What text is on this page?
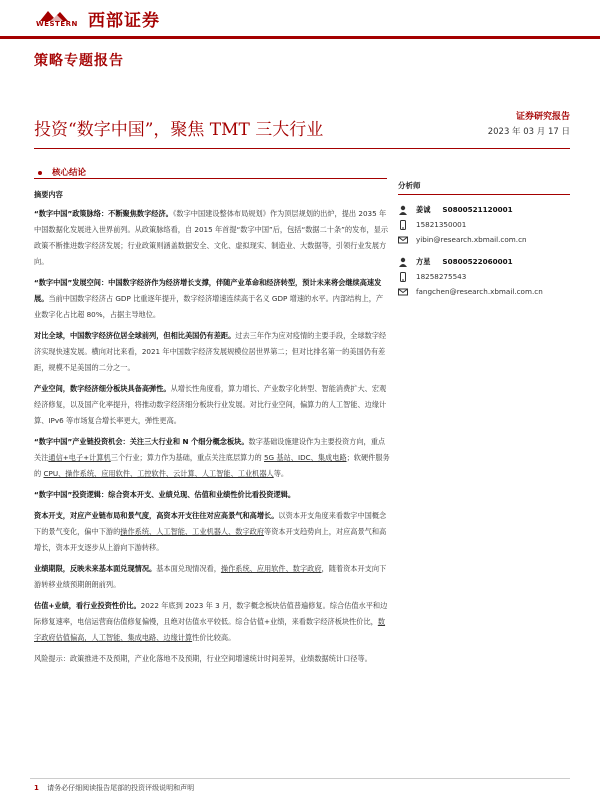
WESTERN 西部证券
策略专题报告
投资“数字中国”，聚焦 TMT 三大行业
证券研究报告
2023 年 03 月 17 日
核心结论

摘要内容

“数字中国”政策脉络：不断聚焦数字经济。《数字中国建设整体布局规划》作为顶层规划的出炉，提出 2035 年中国数据化发展进入世界前列。从政策脉络看，自 2015 年首提“数字中国”后，包括“数据二十条”的发布，显示政策不断推进数字经济发展；行业政策则涵盖数据安全、文化、虚拟现实、制造业、大数据等，引领行业发展方向。

“数字中国”发展空间：中国数字经济作为经济增长支撑，伴随产业革命和经济转型，预计未来将会继续高速发展。当前中国数字经济占 GDP 比重逐年提升，数字经济增速连续高于名义 GDP 增速的水平。内部结构上，产业数字化占比超 80%，占据主导地位。

对比全球，中国数字经济位居全球前列，但相比美国仍有差距。过去三年作为应对疫情的主要手段，全球数字经济实现快速发展。横向对比来看，2021 年中国数字经济发展规模位居世界第二；但对比排名第一的美国仍有差距，规模不足美国的二分之一。

产业空间，数字经济细分板块具备高弹性。从增长性角度看，算力增长、产业数字化转型、智能消费扩大、宏观经济修复，以及国产化率提升，将推动数字经济细分板块行业发展。对比行业空间，偏算力的人工智能、边缘计算、IPv6 等市场复合增长率更大，弹性更高。

“数字中国”产业链投资机会：关注三大行业和 N 个细分概念板块。数字基础设施建设作为主要投资方向，重点关注通信+电子+计算机三个行业；算力作为基础，重点关注底层算力的 5G 基站、IDC、集成电路；软硬件服务的 CPU、操作系统、应用软件、工控软件、云计算、人工智能、工业机器人等。

“数字中国”投资逻辑：综合资本开支、业绩兑现、估值和业绩性价比看投资逻辑。

资本开支，对应产业链布局和景气度，高资本开支往往对应高景气和高增长。以资本开支角度来看数字中国概念下的景气变化，偏中下游的操作系统、人工智能、工业机器人、数字政府等资本开支趋势向上，对应高景气和高增长，资本开支逐步从上游向下游转移。

业绩期限，反映未来基本面兑现情况。基本面兑现情况看，操作系统、应用软件、数字政府，随着资本开支向下游转移业绩预期朗朗前列。

估值+业绩，看行业投资性价比。2022 年底到 2023 年 3 月，数字概念板块估值普遍修复。综合估值水平和边际修复速率，电信运营商估值修复偏慢，且绝对估值水平较低。综合估值+业绩，来看数字经济板块性价比，数字政府估值偏高，人工智能、集成电路、边缘计算性价比较高。

风险提示：政策推进不及预期，产业化落地不及预期，行业空间增速统计时间差异，业绩数据统计口径等。

分析师
姜诚 S0800521120001
15821350001
yibin@research.xbmail.com.cn
方星 S0800522060001
18258275543
fangchen@research.xbmail.com.cn
1 请务必仔细阅读报告尾部的投资评级说明和声明
